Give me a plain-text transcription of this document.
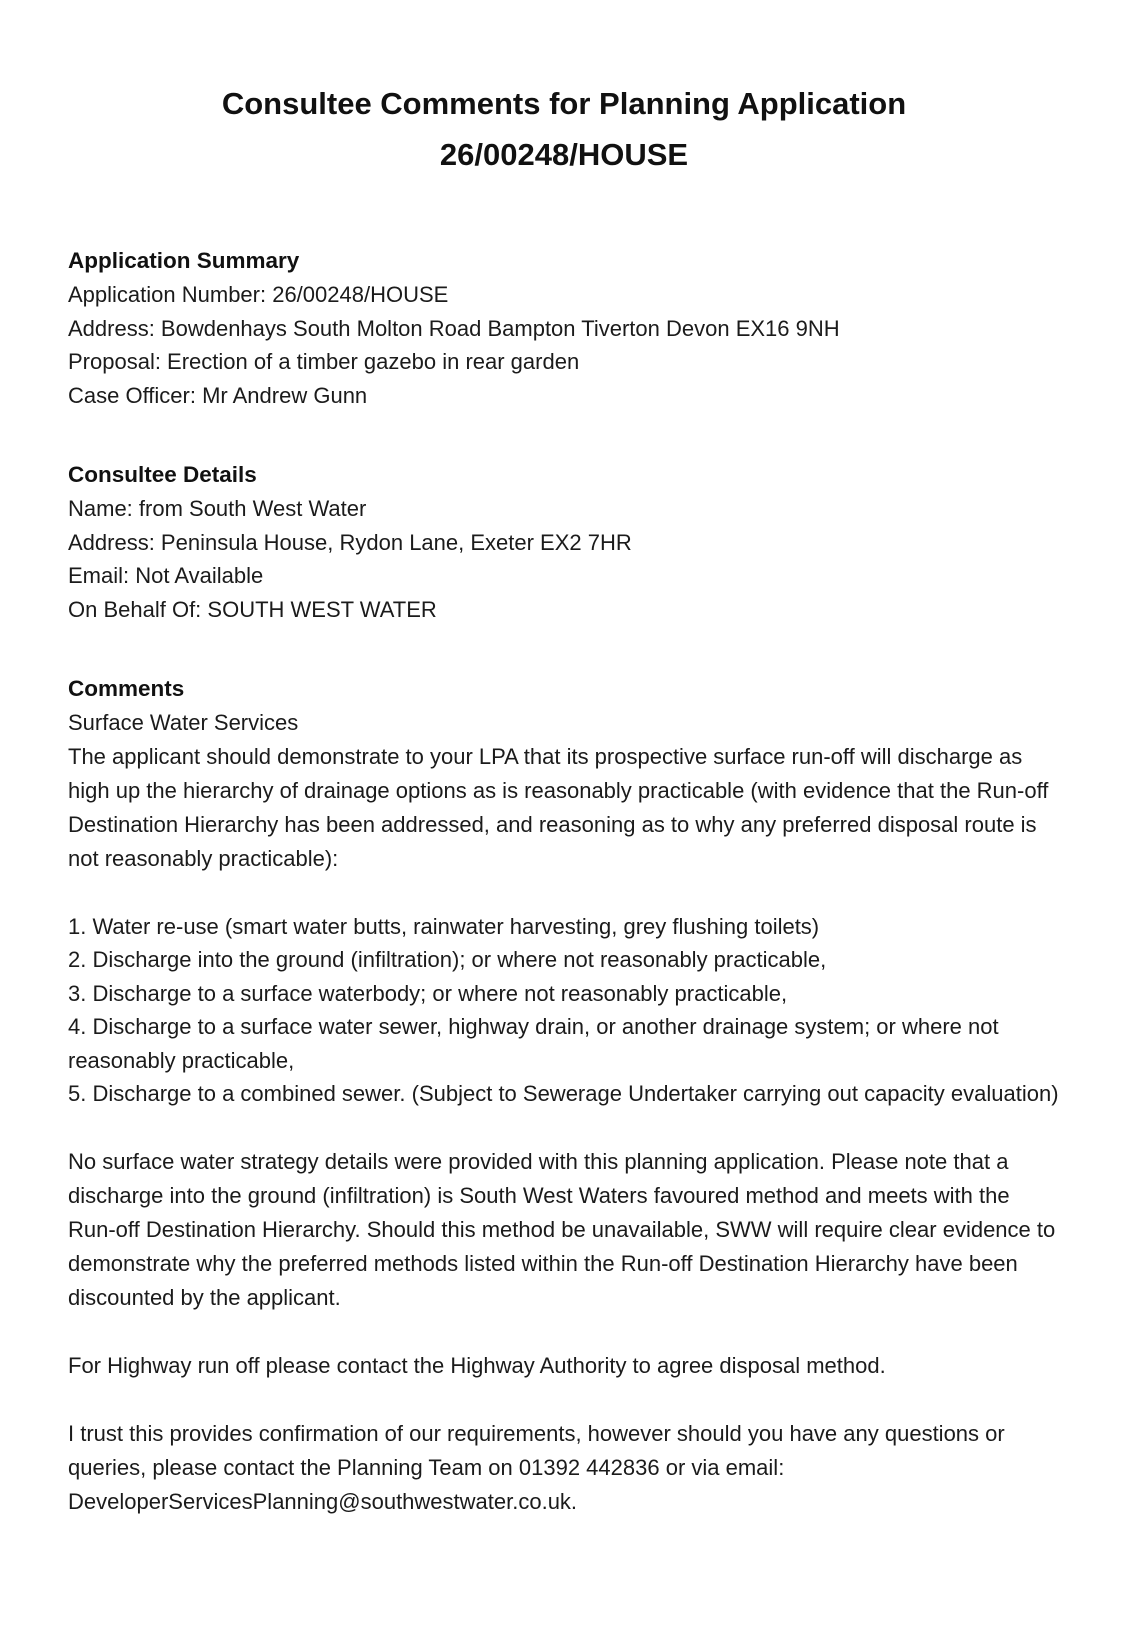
Consultee Comments for Planning Application
26/00248/HOUSE

Application Summary

Application Number: 26/00248/HOUSE

Address: Bowdenhays South Molton Road Bampton Tiverton Devon EX16 9NH

Proposal: Erection of a timber gazebo in rear garden

Case Officer: Mr Andrew Gunn

Consultee Details

Name: from South West Water

Address: Peninsula House, Rydon Lane, Exeter EX2 7HR

Email: Not Available

On Behalf Of: SOUTH WEST WATER

Comments

Surface Water Services

The applicant should demonstrate to your LPA that its prospective surface run-off will discharge as high up the hierarchy of drainage options as is reasonably practicable (with evidence that the Run-off Destination Hierarchy has been addressed, and reasoning as to why any preferred disposal route is not reasonably practicable):

1. Water re-use (smart water butts, rainwater harvesting, grey flushing toilets)

2. Discharge into the ground (infiltration); or where not reasonably practicable,

3. Discharge to a surface waterbody; or where not reasonably practicable,

4. Discharge to a surface water sewer, highway drain, or another drainage system; or where not reasonably practicable,

5. Discharge to a combined sewer. (Subject to Sewerage Undertaker carrying out capacity evaluation)

No surface water strategy details were provided with this planning application. Please note that a discharge into the ground (infiltration) is South West Waters favoured method and meets with the Run-off Destination Hierarchy. Should this method be unavailable, SWW will require clear evidence to demonstrate why the preferred methods listed within the Run-off Destination Hierarchy have been discounted by the applicant.

For Highway run off please contact the Highway Authority to agree disposal method.

I trust this provides confirmation of our requirements, however should you have any questions or queries, please contact the Planning Team on 01392 442836 or via email: DeveloperServicesPlanning@southwestwater.co.uk.
